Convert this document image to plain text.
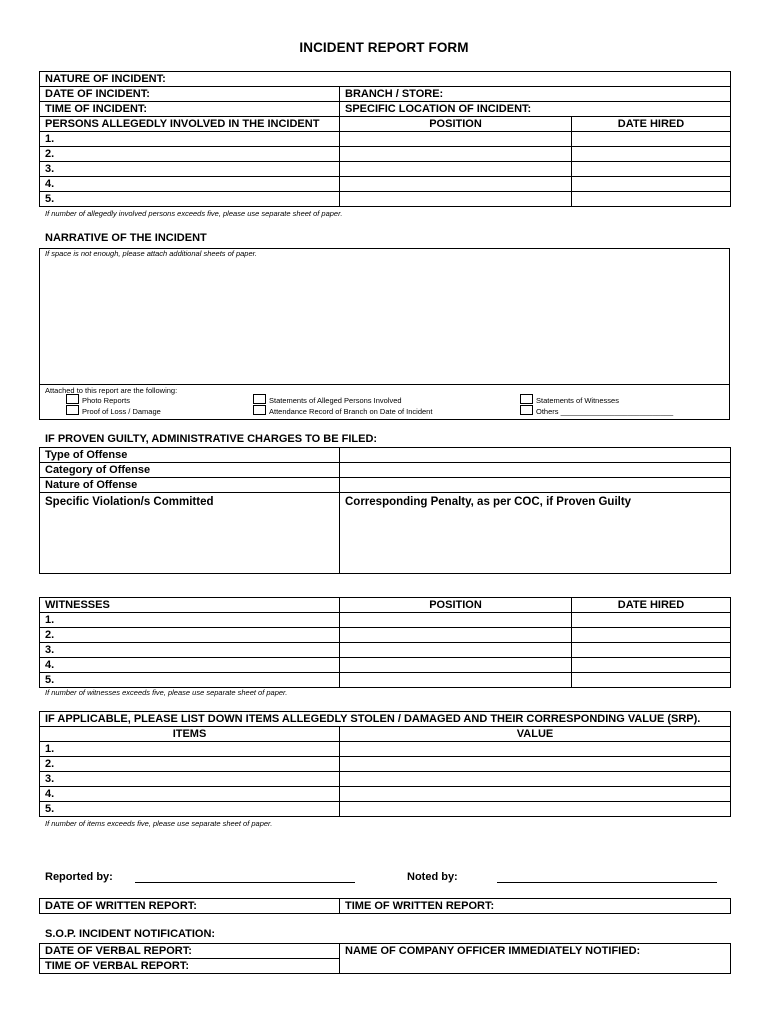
INCIDENT REPORT FORM
NATURE OF INCIDENT:		
DATE OF INCIDENT:	BRANCH / STORE:	
TIME OF INCIDENT:	SPECIFIC LOCATION OF INCIDENT:	
PERSONS ALLEGEDLY INVOLVED IN THE INCIDENT	POSITION	DATE HIRED
1.		
2.		
3.		
4.		
5.		
If number of allegedly involved persons exceeds five, please use separate sheet of paper.
NARRATIVE OF THE INCIDENT
If space is not enough, please attach additional sheets of paper.
Attached to this report are the following:
Photo Reports
Proof of Loss / Damage
Statements of Alleged Persons Involved
Attendance Record of Branch on Date of Incident
Statements of Witnesses
Others ___________________________
IF PROVEN GUILTY, ADMINISTRATIVE CHARGES TO BE FILED:
Type of Offense	
Category of Offense	
Nature of Offense	

Specific Violation/s Committed	Corresponding Penalty, as per COC, if Proven Guilty
WITNESSES	POSITION	DATE HIRED
1.		
2.		
3.		
4.		
5.		
If number of witnesses exceeds five, please use separate sheet of paper.
IF APPLICABLE, PLEASE LIST DOWN ITEMS ALLEGEDLY STOLEN / DAMAGED AND THEIR CORRESPONDING VALUE (SRP).	
ITEMS	VALUE
1.	
2.	
3.	
4.	
5.	
If number of items exceeds five, please use separate sheet of paper.
Reported by:	Noted by:
DATE OF WRITTEN REPORT:	TIME OF WRITTEN REPORT:
S.O.P. INCIDENT NOTIFICATION:
DATE OF VERBAL REPORT:	NAME OF COMPANY OFFICER IMMEDIATELY NOTIFIED:
TIME OF VERBAL REPORT:
